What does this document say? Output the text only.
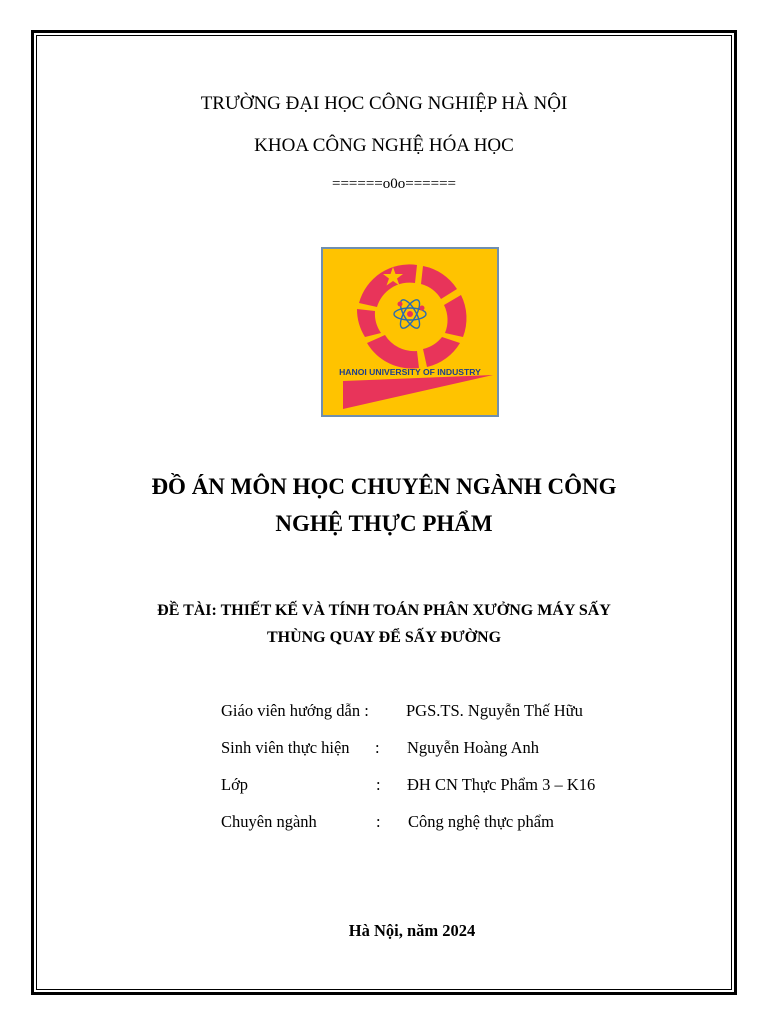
TRƯỜNG ĐẠI HỌC CÔNG NGHIỆP HÀ NỘI
KHOA CÔNG NGHỆ HÓA HỌC
======o0o======
HANOI UNIVERSITY OF INDUSTRY
ĐỒ ÁN MÔN HỌC CHUYÊN NGÀNH CÔNG
NGHỆ THỰC PHẨM
ĐỀ TÀI: THIẾT KẾ VÀ TÍNH TOÁN PHÂN XƯỞNG MÁY SẤY
THÙNG QUAY ĐỂ SẤY ĐƯỜNG
Giáo viên hướng dẫn : PGS.TS. Nguyễn Thế Hữu
Sinh viên thực hiện : Nguyễn Hoàng Anh
Lớp	: ĐH CN Thực Phẩm 3 – K16
Chuyên ngành	: Công nghệ thực phẩm
Hà Nội, năm 2024
